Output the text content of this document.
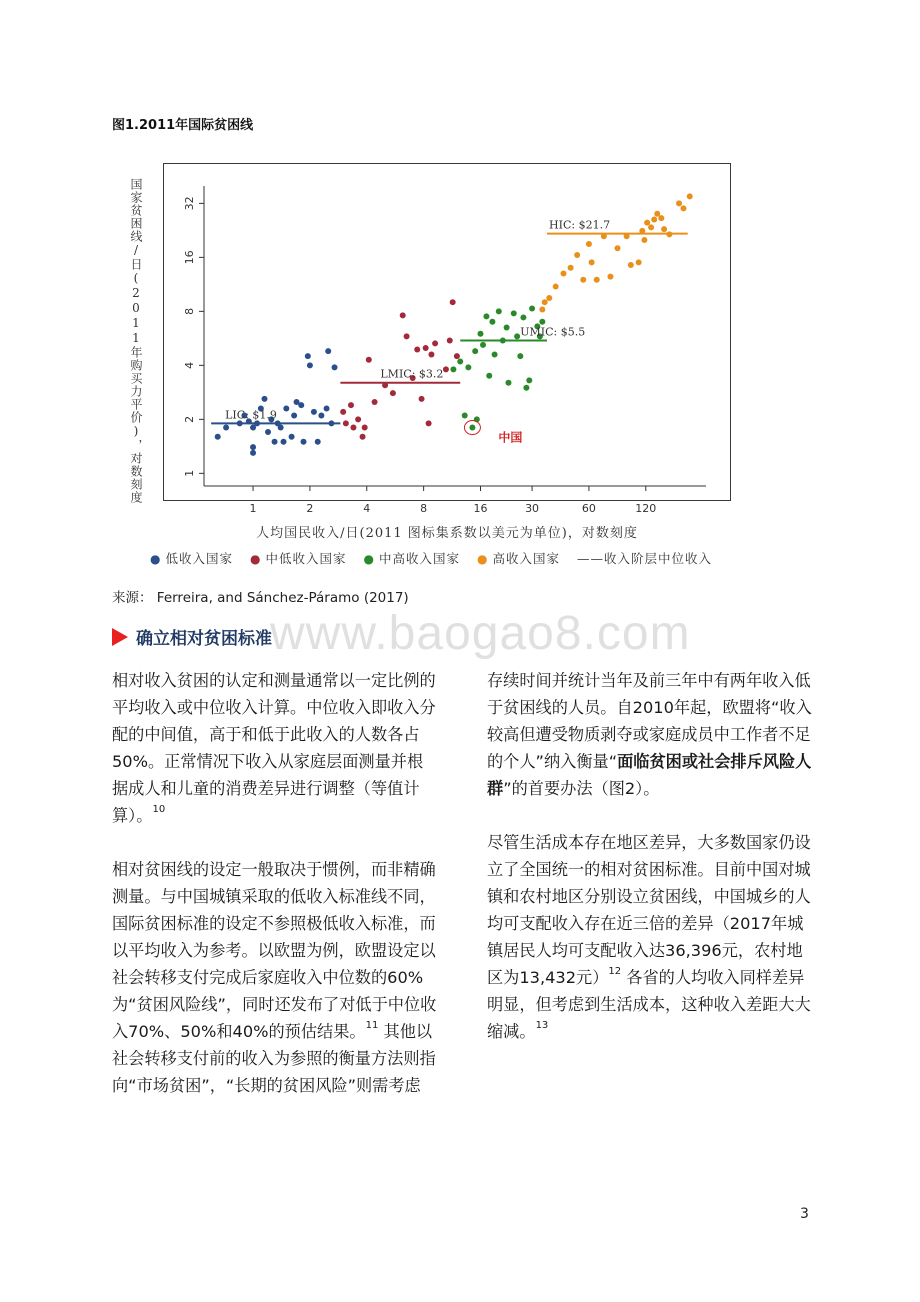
图1.2011年国际贫困线
国家贫困线/日(2011年购买力平价)，对数刻度
1	2	4	8	16	30	60	120
1
2
4
8
16
32
LIC: $1.9
LMIC: $3.2
UMIC: $5.5
HIC: $21.7
中国
人均国民收入/日(2011 图标集系数以美元为单位)，对数刻度
● 低收入国家 ● 中低收入国家 ● 中高收入国家 ● 高收入国家 ——收入阶层中位收入
来源： Ferreira, and Sánchez-Páramo (2017)
www.baogao8.com
确立相对贫困标准

相对收入贫困的认定和测量通常以一定比例的平均收入或中位收入计算。中位收入即收入分配的中间值，高于和低于此收入的人数各占50%。正常情况下收入从家庭层面测量并根据成人和儿童的消费差异进行调整（等值计算）。$^{10}$

相对贫困线的设定一般取决于惯例，而非精确测量。与中国城镇采取的低收入标准线不同，国际贫困标准的设定不参照极低收入标准，而以平均收入为参考。以欧盟为例，欧盟设定以社会转移支付完成后家庭收入中位数的60%为“贫困风险线”，同时还发布了对低于中位收入70%、50%和40%的预估结果。$^{11}$ 其他以社会转移支付前的收入为参照的衡量方法则指向“市场贫困”，“长期的贫困风险”则需考虑

存续时间并统计当年及前三年中有两年收入低于贫困线的人员。自2010年起，欧盟将“收入较高但遭受物质剥夺或家庭成员中工作者不足的个人”纳入衡量“面临贫困或社会排斥风险人群”的首要办法（图2）。

尽管生活成本存在地区差异，大多数国家仍设立了全国统一的相对贫困标准。目前中国对城镇和农村地区分别设立贫困线，中国城乡的人均可支配收入存在近三倍的差异（2017年城镇居民人均可支配收入达36,396元，农村地区为13,432元）$^{12}$ 各省的人均收入同样差异明显，但考虑到生活成本，这种收入差距大大缩减。$^{13}$

3
